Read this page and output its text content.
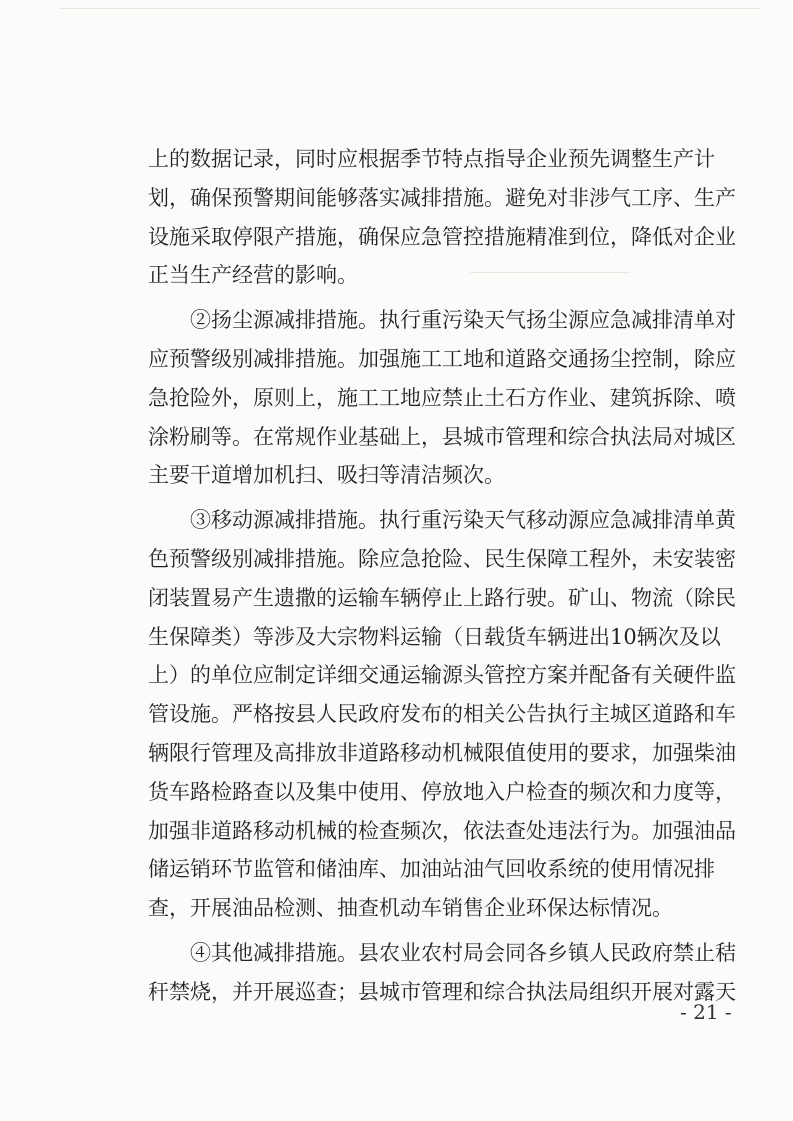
上的数据记录，同时应根据季节特点指导企业预先调整生产计
划，确保预警期间能够落实减排措施。避免对非涉气工序、生产
设施采取停限产措施，确保应急管控措施精准到位，降低对企业
正当生产经营的影响。
②扬尘源减排措施。执行重污染天气扬尘源应急减排清单对
应预警级别减排措施。加强施工工地和道路交通扬尘控制，除应
急抢险外，原则上，施工工地应禁止土石方作业、建筑拆除、喷
涂粉刷等。在常规作业基础上，县城市管理和综合执法局对城区
主要干道增加机扫、吸扫等清洁频次。
③移动源减排措施。执行重污染天气移动源应急减排清单黄
色预警级别减排措施。除应急抢险、民生保障工程外，未安装密
闭装置易产生遗撒的运输车辆停止上路行驶。矿山、物流（除民
生保障类）等涉及大宗物料运输（日载货车辆进出10辆次及以
上）的单位应制定详细交通运输源头管控方案并配备有关硬件监
管设施。严格按县人民政府发布的相关公告执行主城区道路和车
辆限行管理及高排放非道路移动机械限值使用的要求，加强柴油
货车路检路查以及集中使用、停放地入户检查的频次和力度等，
加强非道路移动机械的检查频次，依法查处违法行为。加强油品
储运销环节监管和储油库、加油站油气回收系统的使用情况排
查，开展油品检测、抽查机动车销售企业环保达标情况。
④其他减排措施。县农业农村局会同各乡镇人民政府禁止秸
秆禁烧，并开展巡查；县城市管理和综合执法局组织开展对露天
- 21 -
